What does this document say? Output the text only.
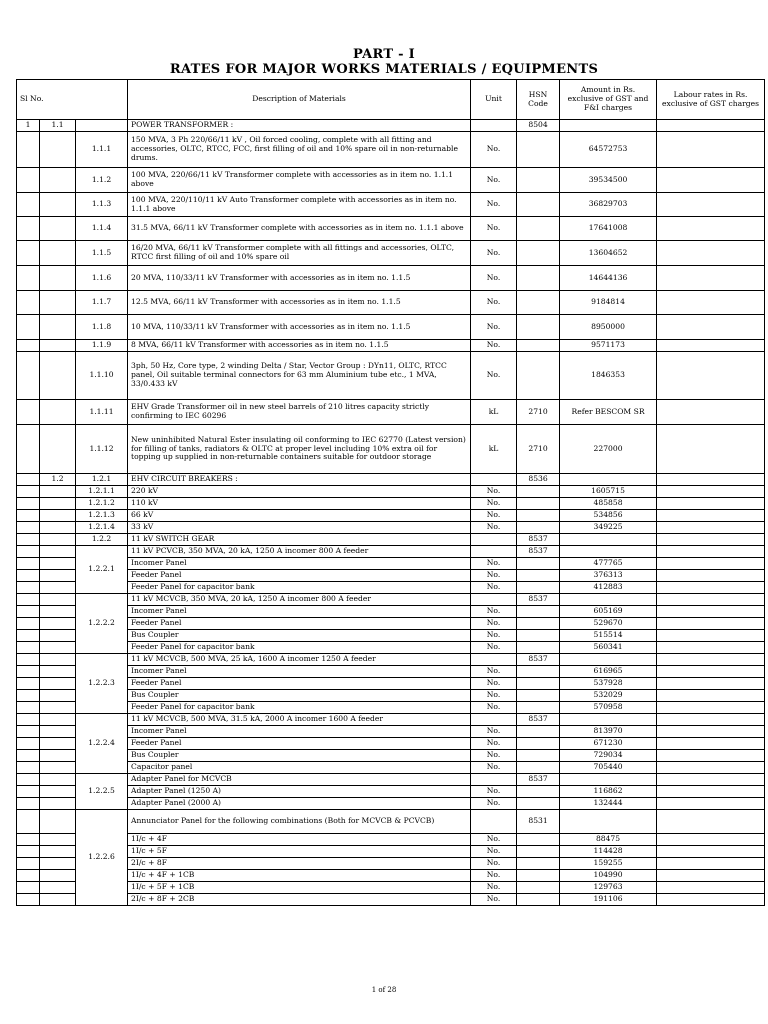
PART - I
RATES FOR MAJOR WORKS MATERIALS / EQUIPMENTS
Sl No.			Description of Materials	Unit	HSN Code	Amount in Rs. exclusive of GST and F&I charges	Labour rates in Rs. exclusive of GST charges
1	1.1		POWER TRANSFORMER :		8504		
		1.1.1	150 MVA, 3 Ph 220/66/11 kV , Oil forced cooling, complete with all fitting and accessories, OLTC, RTCC, FCC, first filling of oil and 10% spare oil in non-returnable drums.	No.		64572753	
		1.1.2	100 MVA, 220/66/11 kV Transformer complete with accessories as in item no. 1.1.1 above	No.		39534500	
		1.1.3	100 MVA, 220/110/11 kV Auto Transformer complete with accessories as in item no. 1.1.1 above	No.		36829703	
		1.1.4	31.5 MVA, 66/11 kV Transformer complete with accessories as in item no. 1.1.1 above	No.		17641008	
		1.1.5	16/20 MVA, 66/11 kV Transformer complete with all fittings and accessories, OLTC, RTCC first filling of oil and 10% spare oil	No.		13604652	
		1.1.6	20 MVA, 110/33/11 kV Transformer with accessories as in item no. 1.1.5	No.		14644136	
		1.1.7	12.5 MVA, 66/11 kV Transformer with accessories as in item no. 1.1.5	No.		9184814	
		1.1.8	10 MVA, 110/33/11 kV Transformer with accessories as in item no. 1.1.5	No.		8950000	
		1.1.9	8 MVA, 66/11 kV Transformer with accessories as in item no. 1.1.5	No.		9571173	
		1.1.10	3ph, 50 Hz, Core type, 2 winding Delta / Star, Vector Group : DYn11, OLTC, RTCC panel, Oil suitable terminal connectors for 63 mm Aluminium tube etc., 1 MVA, 33/0.433 kV	No.		1846353	
		1.1.11	EHV Grade Transformer oil in new steel barrels of 210 litres capacity strictly confirming to IEC 60296	kL	2710	Refer BESCOM SR	
		1.1.12	New uninhibited Natural Ester insulating oil conforming to IEC 62770 (Latest version) for filling of tanks, radiators & OLTC at proper level including 10% extra oil for topping up supplied in non-returnable containers suitable for outdoor storage	kL	2710	227000	
	1.2	1.2.1	EHV CIRCUIT BREAKERS :		8536		
		1.2.1.1	220 kV	No.		1605715	
		1.2.1.2	110 kV	No.		485858	
		1.2.1.3	66 kV	No.		534856	
		1.2.1.4	33 kV	No.		349225	
		1.2.2	11 kV SWITCH GEAR		8537		
		1.2.2.1	11 kV PCVCB, 350 MVA, 20 kA, 1250 A incomer 800 A feeder		8537		
			Incomer Panel	No.		477765	
			Feeder Panel	No.		376313	
			Feeder Panel for capacitor bank	No.		412883	
		1.2.2.2	11 kV MCVCB, 350 MVA, 20 kA, 1250 A incomer 800 A feeder		8537		
			Incomer Panel	No.		605169	
			Feeder Panel	No.		529670	
			Bus Coupler	No.		515514	
			Feeder Panel for capacitor bank	No.		560341	
		1.2.2.3	11 kV MCVCB, 500 MVA, 25 kA, 1600 A incomer 1250 A feeder		8537		
			Incomer Panel	No.		616965	
			Feeder Panel	No.		537928	
			Bus Coupler	No.		532029	
			Feeder Panel for capacitor bank	No.		570958	
		1.2.2.4	11 kV MCVCB, 500 MVA, 31.5 kA, 2000 A incomer 1600 A feeder		8537		
			Incomer Panel	No.		813970	
			Feeder Panel	No.		671230	
			Bus Coupler	No.		729034	
			Capacitor panel	No.		705440	
		1.2.2.5	Adapter Panel for MCVCB		8537		
			Adapter Panel (1250 A)	No.		116862	
			Adapter Panel (2000 A)	No.		132444	
		1.2.2.6	Annunciator Panel for the following combinations (Both for MCVCB & PCVCB)		8531		
			1I/c + 4F	No.		88475	
			1I/c + 5F	No.		114428	
			2I/c + 8F	No.		159255	
			1I/c + 4F + 1CB	No.		104990	
			1I/c + 5F + 1CB	No.		129763	
			2I/c + 8F + 2CB	No.		191106	
1 of 28
